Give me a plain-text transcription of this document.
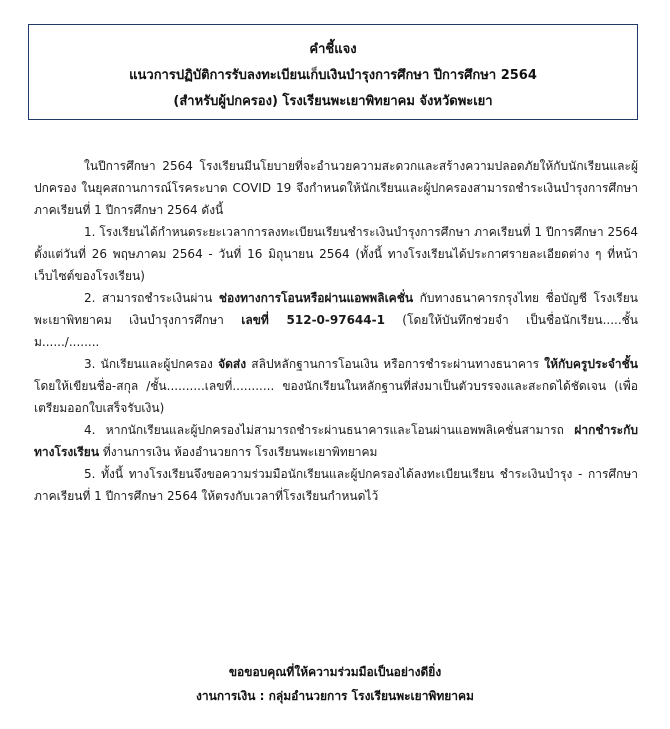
คำชี้แจง
แนวการปฏิบัติการรับลงทะเบียนเก็บเงินบำรุงการศึกษา ปีการศึกษา 2564
(สำหรับผู้ปกครอง) โรงเรียนพะเยาพิทยาคม จังหวัดพะเยา

ในปีการศึกษา 2564 โรงเรียนมีนโยบายที่จะอำนวยความสะดวกและสร้างความปลอดภัยให้กับนักเรียนและผู้ปกครอง ในยุคสถานการณ์โรคระบาด COVID 19 จึงกำหนดให้นักเรียนและผู้ปกครองสามารถชำระเงินบำรุงการศึกษา ภาคเรียนที่ 1 ปีการศึกษา 2564 ดังนี้

1. โรงเรียนได้กำหนดระยะเวลาการลงทะเบียนเรียนชำระเงินบำรุงการศึกษา ภาคเรียนที่ 1 ปีการศึกษา 2564 ตั้งแต่วันที่ 26 พฤษภาคม 2564 - วันที่ 16 มิถุนายน 2564 (ทั้งนี้ ทางโรงเรียนได้ประกาศรายละเอียดต่าง ๆ ที่หน้าเว็บไซต์ของโรงเรียน)

2. สามารถชำระเงินผ่าน ช่องทางการโอนหรือผ่านแอพพลิเคชั่น กับทางธนาคารกรุงไทย ชื่อบัญชี โรงเรียนพะเยาพิทยาคม เงินบำรุงการศึกษา เลขที่ 512-0-97644-1 (โดยให้บันทึกช่วยจำ เป็นชื่อนักเรียน.....ชั้น ม....../........

3. นักเรียนและผู้ปกครอง จัดส่ง สลิปหลักฐานการโอนเงิน หรือการชำระผ่านทางธนาคาร ให้กับครูประจำชั้น โดยให้เขียนชื่อ-สกุล /ชั้น..........เลขที่........... ของนักเรียนในหลักฐานที่ส่งมาเป็นตัวบรรจงและสะกดได้ชัดเจน (เพื่อเตรียมออกใบเสร็จรับเงิน)

4. หากนักเรียนและผู้ปกครองไม่สามารถชำระผ่านธนาคารและโอนผ่านแอพพลิเคชั่นสามารถ ฝากชำระกับทางโรงเรียน ที่งานการเงิน ห้องอำนวยการ โรงเรียนพะเยาพิทยาคม

5. ทั้งนี้ ทางโรงเรียนจึงขอความร่วมมือนักเรียนและผู้ปกครองได้ลงทะเบียนเรียน ชำระเงินบำรุง - การศึกษา ภาคเรียนที่ 1 ปีการศึกษา 2564 ให้ตรงกับเวลาที่โรงเรียนกำหนดไว้

ขอขอบคุณที่ให้ความร่วมมือเป็นอย่างดียิ่ง
งานการเงิน : กลุ่มอำนวยการ โรงเรียนพะเยาพิทยาคม
